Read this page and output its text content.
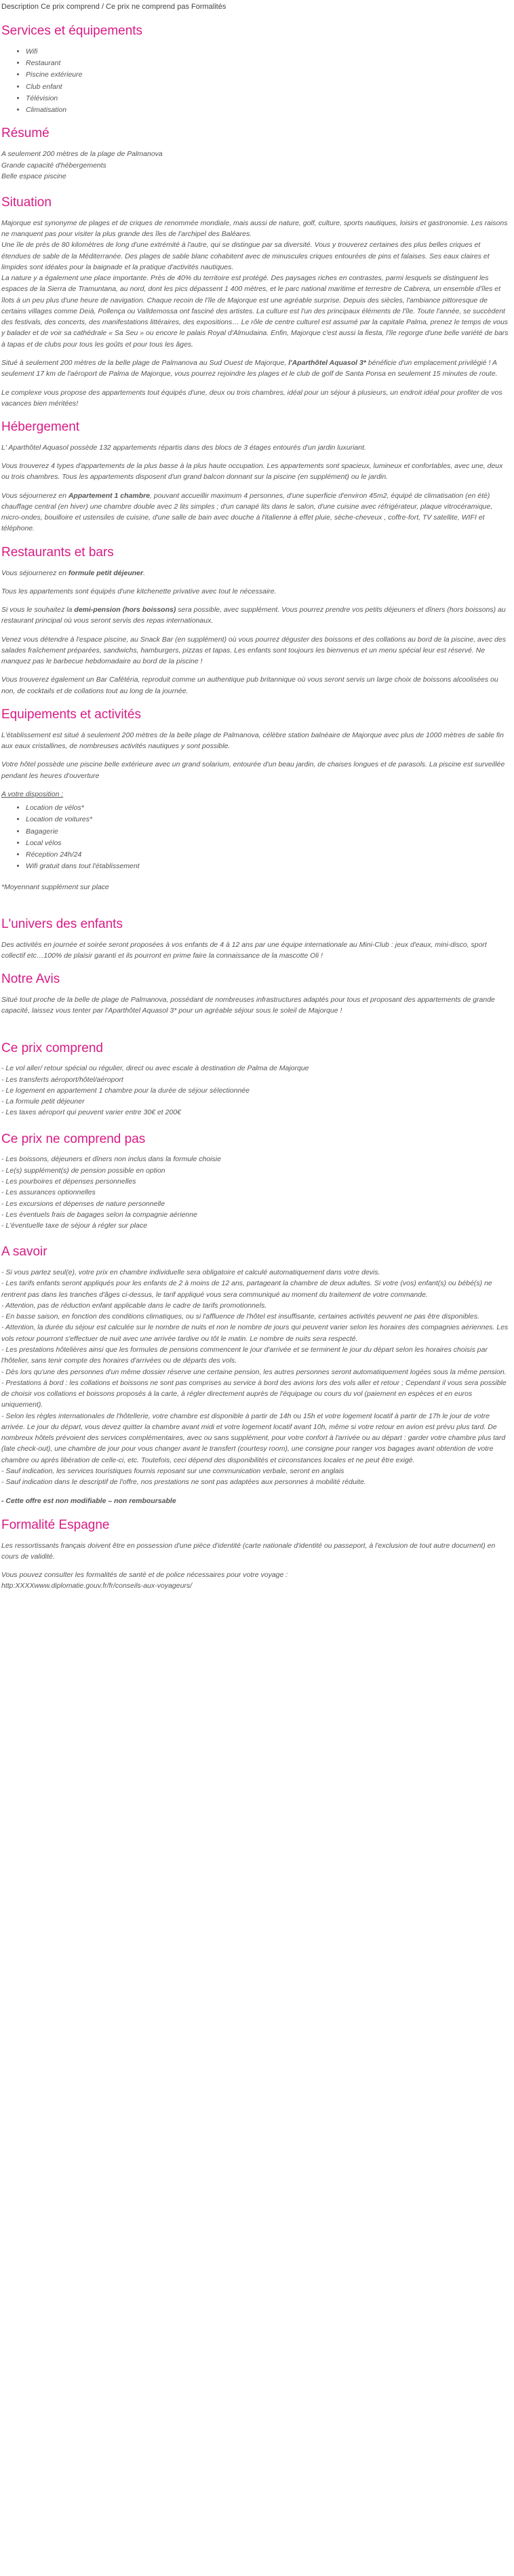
Description Ce prix comprend / Ce prix ne comprend pas Formalités
Services et équipements
• Wifi
• Restaurant
• Piscine extérieure
• Club enfant
• Télévision
• Climatisation
Résumé
A seulement 200 mètres de la plage de Palmanova
Grande capacité d'hébergements
Belle espace piscine
Situation

Majorque est synonyme de plages et de criques de renommée mondiale, mais aussi de nature, golf, culture, sports nautiques, loisirs et gastronomie. Les raisons ne manquent pas pour visiter la plus grande des îles de l'archipel des Baléares.

Une île de près de 80 kilomètres de long d'une extrémité à l'autre, qui se distingue par sa diversité. Vous y trouverez certaines des plus belles criques et étendues de sable de la Méditerranée. Des plages de sable blanc cohabitent avec de minuscules criques entourées de pins et falaises. Ses eaux claires et limpides sont idéales pour la baignade et la pratique d'activités nautiques.

La nature y a également une place importante. Près de 40% du territoire est protégé. Des paysages riches en contrastes, parmi lesquels se distinguent les espaces de la Sierra de Tramuntana, au nord, dont les pics dépassent 1 400 mètres, et le parc national maritime et terrestre de Cabrera, un ensemble d'îles et îlots à un peu plus d'une heure de navigation. Chaque recoin de l'île de Majorque est une agréable surprise. Depuis des siècles, l'ambiance pittoresque de certains villages comme Deià, Pollença ou Valldemossa ont fasciné des artistes. La culture est l'un des principaux éléments de l'île. Toute l'année, se succèdent des festivals, des concerts, des manifestations littéraires, des expositions… Le rôle de centre culturel est assumé par la capitale Palma, prenez le temps de vous y balader et de voir sa cathédrale « Sa Seu » ou encore le palais Royal d'Almudaina. Enfin, Majorque c'est aussi la fiesta, l'île regorge d'une belle variété de bars à tapas et de clubs pour tous les goûts et pour tous les âges.

Situé à seulement 200 mètres de la belle plage de Palmanova au Sud Ouest de Majorque, l'Aparthôtel Aquasol 3* bénéficie d'un emplacement privilégié ! A seulement 17 km de l'aéroport de Palma de Majorque, vous pourrez rejoindre les plages et le club de golf de Santa Ponsa en seulement 15 minutes de route.

Le complexe vous propose des appartements tout équipés d'une, deux ou trois chambres, idéal pour un séjour à plusieurs, un endroit idéal pour profiter de vos vacances bien méritées!

Hébergement

L' Aparthôtel Aquasol possède 132 appartements répartis dans des blocs de 3 étages entourés d'un jardin luxuriant.

Vous trouverez 4 types d'appartements de la plus basse à la plus haute occupation. Les appartements sont spacieux, lumineux et confortables, avec une, deux ou trois chambres. Tous les appartements disposent d'un grand balcon donnant sur la piscine (en supplément) ou le jardin.

Vous séjournerez en Appartement 1 chambre, pouvant accueillir maximum 4 personnes, d'une superficie d'environ 45m2, équipé de climatisation (en été) chauffage central (en hiver) une chambre double avec 2 lits simples ; d'un canapé lits dans le salon, d'une cuisine avec réfrigérateur, plaque vitrocéramique, micro-ondes, bouilloire et ustensiles de cuisine, d'une salle de bain avec douche à l'italienne à effet pluie, sèche-cheveux , coffre-fort, TV satellite, WIFI et téléphone.

Restaurants et bars

Vous séjournerez en formule petit déjeuner.

Tous les appartements sont équipés d'une kitchenette privative avec tout le nécessaire.

Si vous le souhaitez la demi-pension (hors boissons) sera possible, avec supplément. Vous pourrez prendre vos petits déjeuners et dîners (hors boissons) au restaurant principal où vous seront servis des repas internationaux.

Venez vous détendre à l'espace piscine, au Snack Bar (en supplément) où vous pourrez déguster des boissons et des collations au bord de la piscine, avec des salades fraîchement préparées, sandwichs, hamburgers, pizzas et tapas. Les enfants sont toujours les bienvenus et un menu spécial leur est réservé. Ne manquez pas le barbecue hebdomadaire au bord de la piscine !

Vous trouverez également un Bar Cafétéria, reproduit comme un authentique pub britannique où vous seront servis un large choix de boissons alcoolisées ou non, de cocktails et de collations tout au long de la journée.

Equipements et activités

L'établissement est situé à seulement 200 mètres de la belle plage de Palmanova, célèbre station balnéaire de Majorque avec plus de 1000 mètres de sable fin aux eaux cristallines, de nombreuses activités nautiques y sont possible.

Votre hôtel possède une piscine belle extérieure avec un grand solarium, entourée d'un beau jardin, de chaises longues et de parasols. La piscine est surveillée pendant les heures d'ouverture

A votre disposition :

• Location de vélos*
• Location de voitures*
• Bagagerie
• Local vélos
• Réception 24h/24
• Wifi gratuit dans tout l'établissement

*Moyennant supplément sur place

L'univers des enfants

Des activités en journée et soirée seront proposées à vos enfants de 4 à 12 ans par une équipe internationale au Mini-Club : jeux d'eaux, mini-disco, sport collectif etc…100% de plaisir garanti et ils pourront en prime faire la connaissance de la mascotte Oli !

Notre Avis

Situé tout proche de la belle de plage de Palmanova, possédant de nombreuses infrastructures adaptés pour tous et proposant des appartements de grande capacité, laissez vous tenter par l'Aparthôtel Aquasol 3* pour un agréable séjour sous le soleil de Majorque !

Ce prix comprend
- Le vol aller/ retour spécial ou régulier, direct ou avec escale à destination de Palma de Majorque
- Les transferts aéroport/hôtel/aéroport
- Le logement en appartement 1 chambre pour la durée de séjour sélectionnée
- La formule petit déjeuner
- Les taxes aéroport qui peuvent varier entre 30€ et 200€
Ce prix ne comprend pas
- Les boissons, déjeuners et dîners non inclus dans la formule choisie
- Le(s) supplément(s) de pension possible en option
- Les pourboires et dépenses personnelles
- Les assurances optionnelles
- Les excursions et dépenses de nature personnelle
- Les éventuels frais de bagages selon la compagnie aérienne
- L'éventuelle taxe de séjour à régler sur place
A savoir
- Si vous partez seul(e), votre prix en chambre individuelle sera obligatoire et calculé automatiquement dans votre devis.
- Les tarifs enfants seront appliqués pour les enfants de 2 à moins de 12 ans, partageant la chambre de deux adultes. Si votre (vos) enfant(s) ou bébé(s) ne rentrent pas dans les tranches d'âges ci-dessus, le tarif appliqué vous sera communiqué au moment du traitement de votre commande.
- Attention, pas de réduction enfant applicable dans le cadre de tarifs promotionnels.
- En basse saison, en fonction des conditions climatiques, ou si l'affluence de l'hôtel est insuffisante, certaines activités peuvent ne pas être disponibles.
- Attention, la durée du séjour est calculée sur le nombre de nuits et non le nombre de jours qui peuvent varier selon les horaires des compagnies aériennes. Les vols retour pourront s'effectuer de nuit avec une arrivée tardive ou tôt le matin. Le nombre de nuits sera respecté.
- Les prestations hôtelières ainsi que les formules de pensions commencent le jour d'arrivée et se terminent le jour du départ selon les horaires choisis par l'hôtelier, sans tenir compte des horaires d'arrivées ou de départs des vols.
- Dès lors qu'une des personnes d'un même dossier réserve une certaine pension, les autres personnes seront automatiquement logées sous la même pension.
- Prestations à bord : les collations et boissons ne sont pas comprises au service à bord des avions lors des vols aller et retour ; Cependant il vous sera possible de choisir vos collations et boissons proposés à la carte, à régler directement auprès de l'équipage ou cours du vol (paiement en espèces et en euros uniquement).
- Selon les règles internationales de l'hôtellerie, votre chambre est disponible à partir de 14h ou 15h et votre logement locatif à partir de 17h le jour de votre arrivée. Le jour du départ, vous devez quitter la chambre avant midi et votre logement locatif avant 10h, même si votre retour en avion est prévu plus tard. De nombreux hôtels prévoient des services complémentaires, avec ou sans supplément, pour votre confort à l'arrivée ou au départ : garder votre chambre plus tard (late check-out), une chambre de jour pour vous changer avant le transfert (courtesy room), une consigne pour ranger vos bagages avant obtention de votre chambre ou après libération de celle-ci, etc. Toutefois, ceci dépend des disponibilités et circonstances locales et ne peut être exigé.
- Sauf indication, les services touristiques fournis reposant sur une communication verbale, seront en anglais
- Sauf indication dans le descriptif de l'offre, nos prestations ne sont pas adaptées aux personnes à mobilité réduite.

- Cette offre est non modifiable – non remboursable

Formalité Espagne

Les ressortissants français doivent être en possession d'une pièce d'identité (carte nationale d'identité ou passeport, à l'exclusion de tout autre document) en cours de validité.

Vous pouvez consulter les formalités de santé et de police nécessaires pour votre voyage :

http:XXXXwww.diplomatie.gouv.fr/fr/conseils-aux-voyageurs/
